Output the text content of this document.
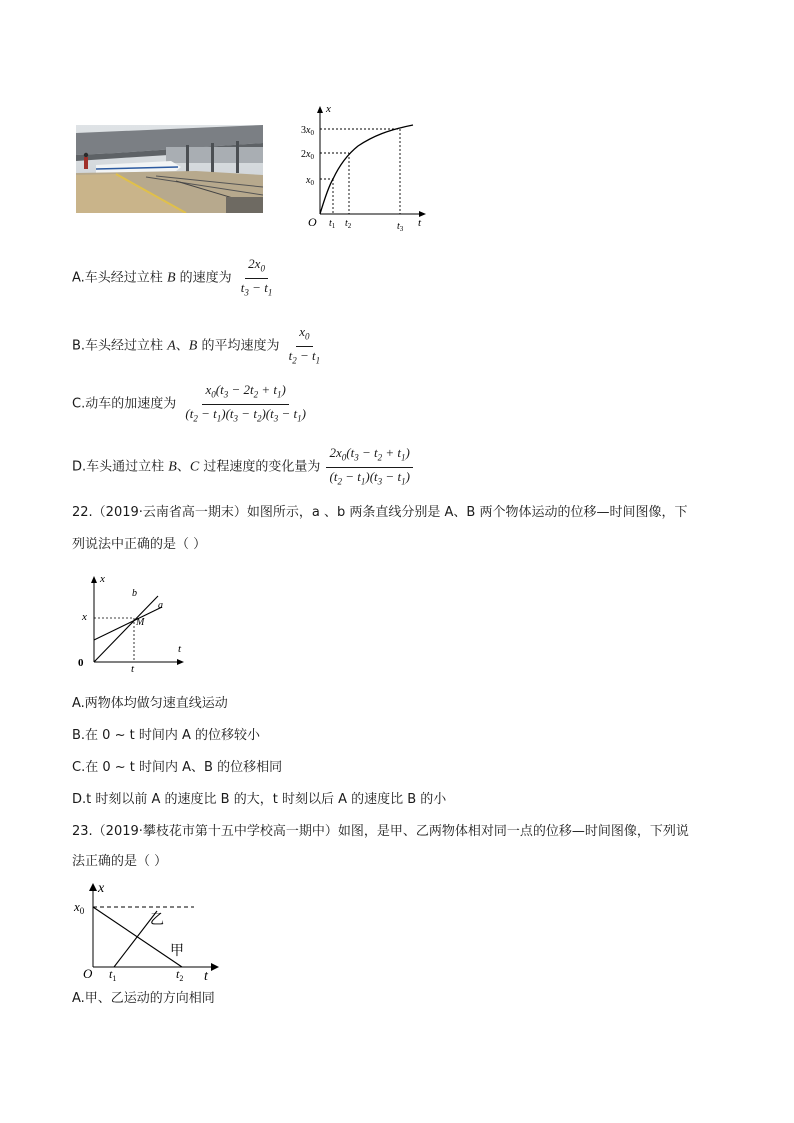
x
t
O
$3x_0$
$2x_0$
$x_0$
$t_1$ $t_2$	$t_3$
A.车头经过立柱 B 的速度为 $\frac{2x_0}{t_3 - t_1}$
B.车头经过立柱 A、B 的平均速度为 $\frac{x_0}{t_2 - t_1}$
C.动车的加速度为 $\frac{x_0(t_3 - 2t_2 + t_1)}{(t_2 - t_1)(t_3 - t_2)(t_3 - t_1)}$
D.车头通过立柱 B、C 过程速度的变化量为 $\frac{2x_0(t_3 - t_2 + t_1)}{(t_2 - t_1)(t_3 - t_1)}$
22.（2019·云南省高一期末）如图所示，a 、b 两条直线分别是 A、B 两个物体运动的位移—时间图像，下
列说法中正确的是（ ）
x
t
0
x
t
b
a
M
A.两物体均做匀速直线运动
B.在 0 ~ t 时间内 A 的位移较小
C.在 0 ~ t 时间内 A、B 的位移相同
D.t 时刻以前 A 的速度比 B 的大，t 时刻以后 A 的速度比 B 的小
23.（2019·攀枝花市第十五中学校高一期中）如图，是甲、乙两物体相对同一点的位移—时间图像，下列说
法正确的是（ ）
x
t
O
$x_0$
$t_1$	$t_2$
乙
甲
A.甲、乙运动的方向相同
